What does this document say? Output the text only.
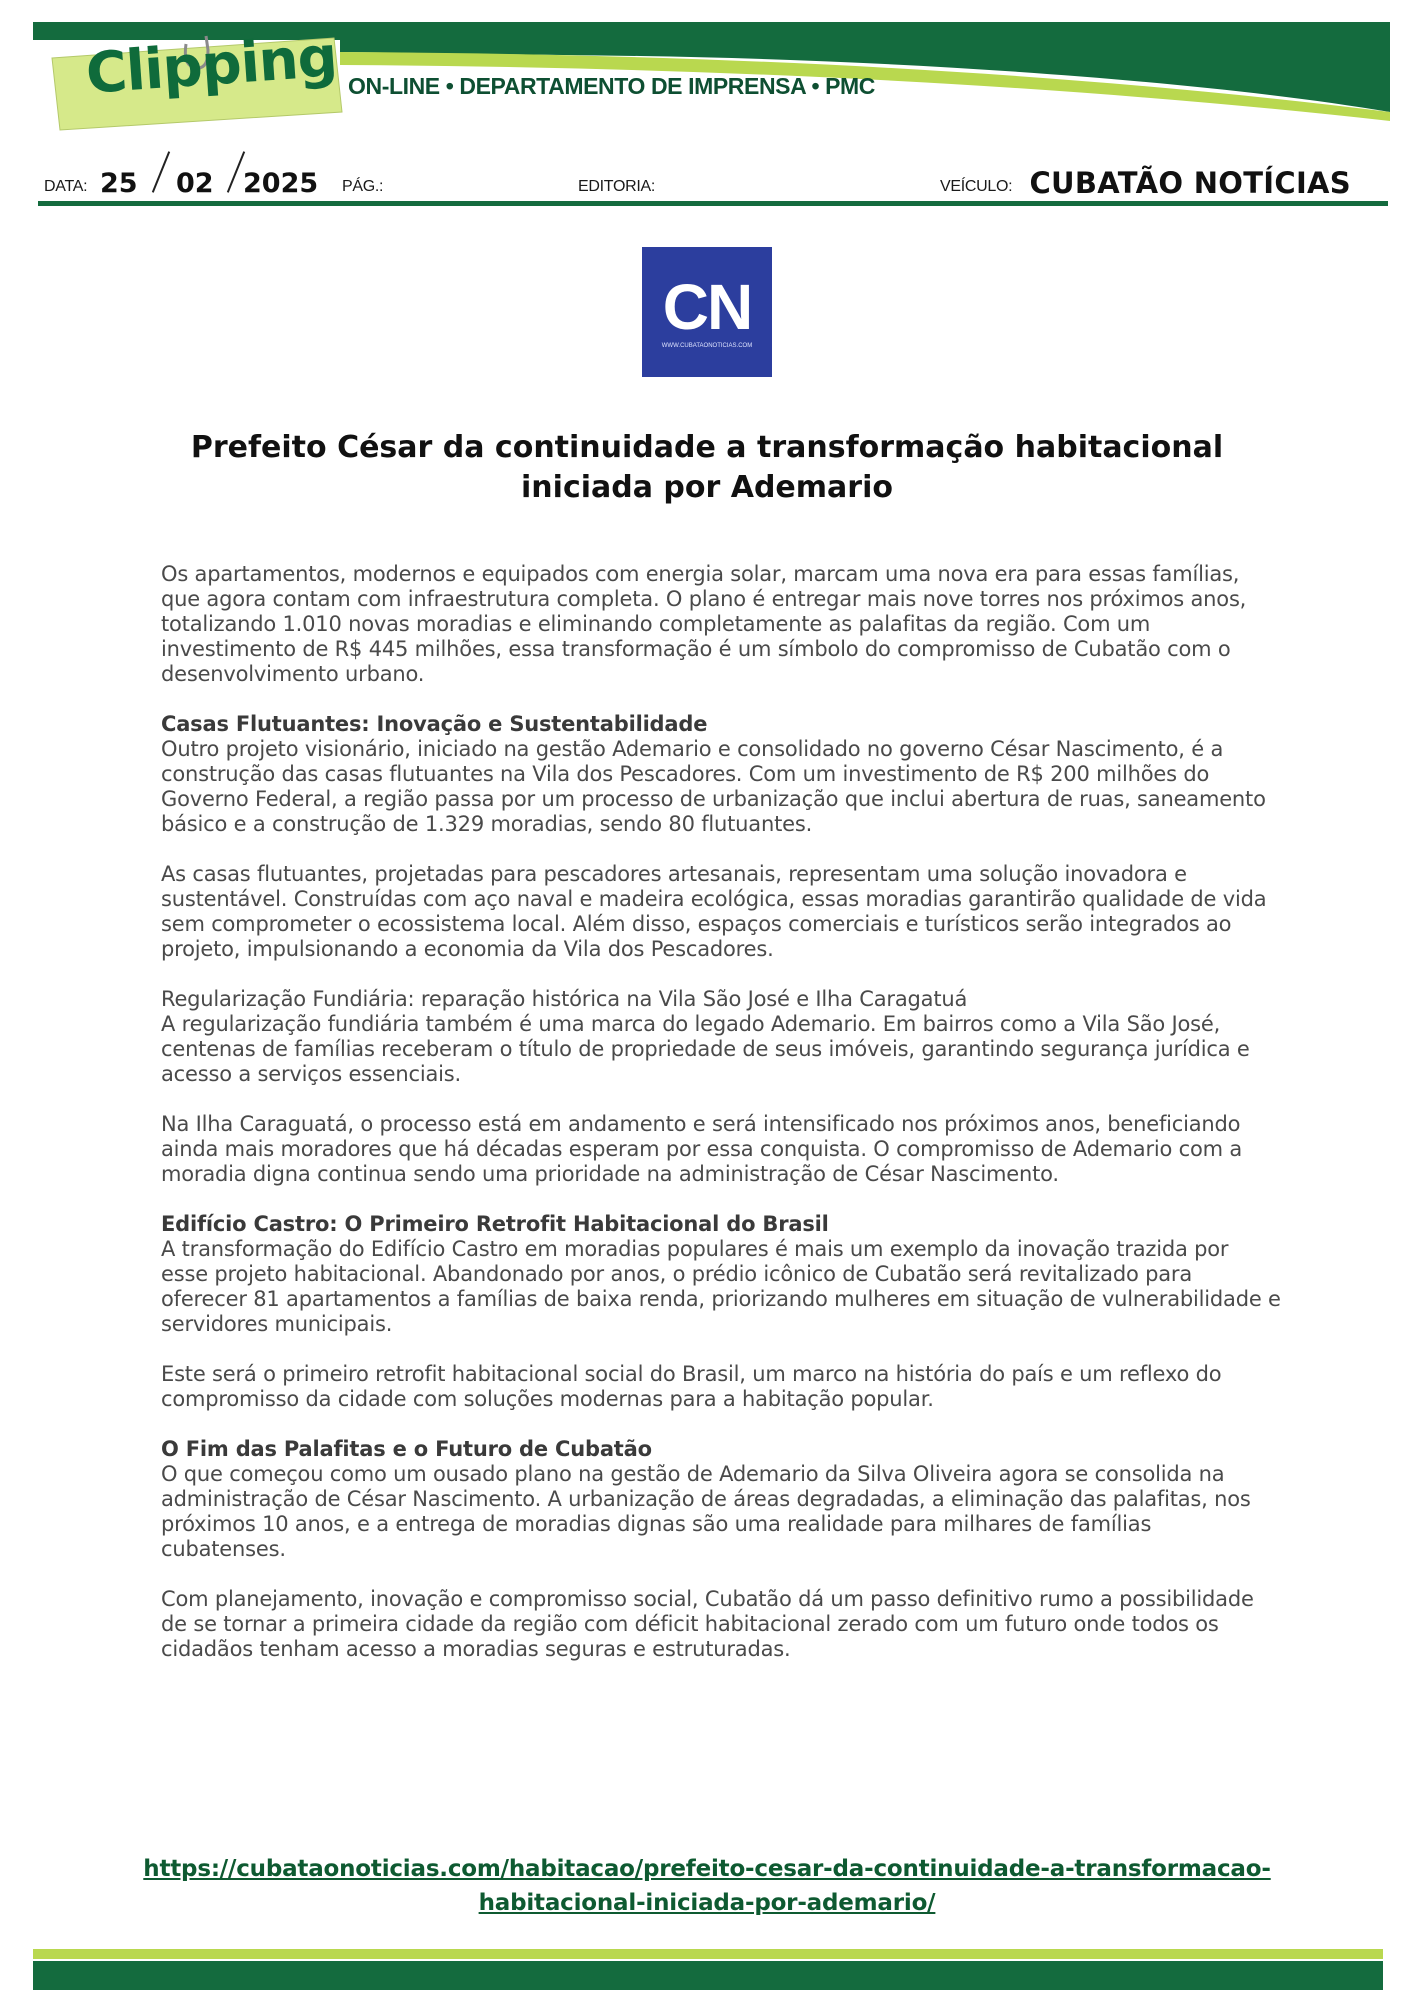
Clipping ON-LINE • DEPARTAMENTO DE IMPRENSA • PMC
DATA: 25 02 2025 PÁG.:	EDITORIA:	VEÍCULO: CUBATÃO NOTÍCIAS
CN
WWW.CUBATAONOTICIAS.COM
Prefeito César da continuidade a transformação habitacional
iniciada por Ademario

Os apartamentos, modernos e equipados com energia solar, marcam uma nova era para essas famílias, que agora contam com infraestrutura completa. O plano é entregar mais nove torres nos próximos anos, totalizando 1.010 novas moradias e eliminando completamente as palafitas da região. Com um investimento de R$ 445 milhões, essa transformação é um símbolo do compromisso de Cubatão com o desenvolvimento urbano.

Casas Flutuantes: Inovação e Sustentabilidade
Outro projeto visionário, iniciado na gestão Ademario e consolidado no governo César Nascimento, é a construção das casas flutuantes na Vila dos Pescadores. Com um investimento de R$ 200 milhões do Governo Federal, a região passa por um processo de urbanização que inclui abertura de ruas, saneamento básico e a construção de 1.329 moradias, sendo 80 flutuantes.

As casas flutuantes, projetadas para pescadores artesanais, representam uma solução inovadora e sustentável. Construídas com aço naval e madeira ecológica, essas moradias garantirão qualidade de vida sem comprometer o ecossistema local. Além disso, espaços comerciais e turísticos serão integrados ao projeto, impulsionando a economia da Vila dos Pescadores.

Regularização Fundiária: reparação histórica na Vila São José e Ilha Caragatuá
A regularização fundiária também é uma marca do legado Ademario. Em bairros como a Vila São José, centenas de famílias receberam o título de propriedade de seus imóveis, garantindo segurança jurídica e acesso a serviços essenciais.

Na Ilha Caraguatá, o processo está em andamento e será intensificado nos próximos anos, beneficiando ainda mais moradores que há décadas esperam por essa conquista. O compromisso de Ademario com a moradia digna continua sendo uma prioridade na administração de César Nascimento.

Edifício Castro: O Primeiro Retrofit Habitacional do Brasil
A transformação do Edifício Castro em moradias populares é mais um exemplo da inovação trazida por esse projeto habitacional. Abandonado por anos, o prédio icônico de Cubatão será revitalizado para oferecer 81 apartamentos a famílias de baixa renda, priorizando mulheres em situação de vulnerabilidade e servidores municipais.

Este será o primeiro retrofit habitacional social do Brasil, um marco na história do país e um reflexo do compromisso da cidade com soluções modernas para a habitação popular.

O Fim das Palafitas e o Futuro de Cubatão
O que começou como um ousado plano na gestão de Ademario da Silva Oliveira agora se consolida na administração de César Nascimento. A urbanização de áreas degradadas, a eliminação das palafitas, nos próximos 10 anos, e a entrega de moradias dignas são uma realidade para milhares de famílias cubatenses.

Com planejamento, inovação e compromisso social, Cubatão dá um passo definitivo rumo a possibilidade de se tornar a primeira cidade da região com déficit habitacional zerado com um futuro onde todos os cidadãos tenham acesso a moradias seguras e estruturadas.

https://cubataonoticias.com/habitacao/prefeito-cesar-da-continuidade-a-transformacao-
habitacional-iniciada-por-ademario/
